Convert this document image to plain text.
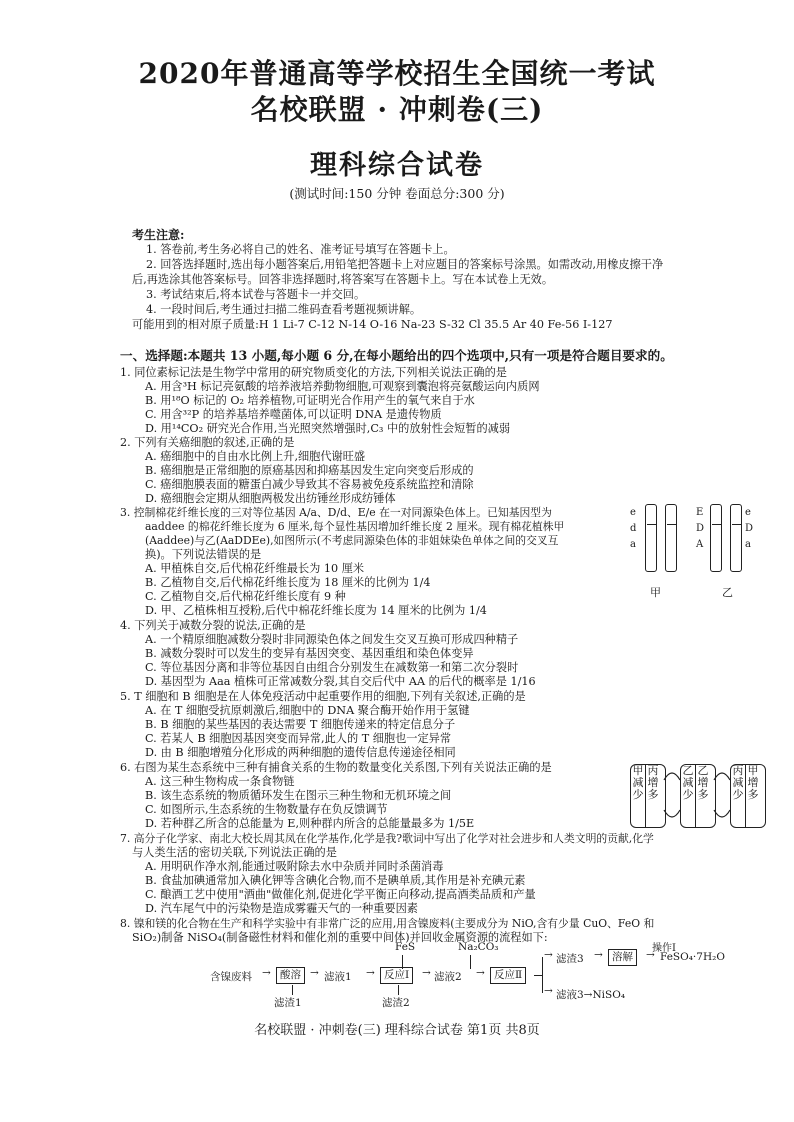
2020年普通高等学校招生全国统一考试
名校联盟 · 冲刺卷(三)
理科综合试卷
(测试时间:150 分钟 卷面总分:300 分)
考生注意:
1. 答卷前,考生务必将自己的姓名、准考证号填写在答题卡上。
2. 回答选择题时,选出每小题答案后,用铅笔把答题卡上对应题目的答案标号涂黑。如需改动,用橡皮擦干净
后,再选涂其他答案标号。回答非选择题时,将答案写在答题卡上。写在本试卷上无效。
3. 考试结束后,将本试卷与答题卡一并交回。
4. 一段时间后,考生通过扫描二维码查看考题视频讲解。
可能用到的相对原子质量:H 1 Li-7 C-12 N-14 O-16 Na-23 S-32 Cl 35.5 Ar 40 Fe-56 I-127
一、选择题:本题共 13 小题,每小题 6 分,在每小题给出的四个选项中,只有一项是符合题目要求的。
1. 同位素标记法是生物学中常用的研究物质变化的方法,下列相关说法正确的是
A. 用含³H 标记亮氨酸的培养液培养動物细胞,可观察到囊泡将亮氨酸运向内质网
B. 用¹⁸O 标记的 O₂ 培养植物,可证明光合作用产生的氧气来自于水
C. 用含³²P 的培养基培养噬菌体,可以证明 DNA 是遗传物质
D. 用¹⁴CO₂ 研究光合作用,当光照突然增强时,C₃ 中的放射性会短暂的减弱
2. 下列有关癌细胞的叙述,正确的是
A. 癌细胞中的自由水比例上升,细胞代谢旺盛
B. 癌细胞是正常细胞的原癌基因和抑癌基因发生定向突变后形成的
C. 癌细胞膜表面的糖蛋白减少导致其不容易被免疫系统监控和清除
D. 癌细胞会定期从细胞两极发出纺锤丝形成纺锤体
3. 控制棉花纤维长度的三对等位基因 A/a、D/d、E/e 在一对同源染色体上。已知基因型为
aaddee 的棉花纤维长度为 6 厘米,每个显性基因增加纤维长度 2 厘米。现有棉花植株甲
(Aaddee)与乙(AaDDEe),如图所示(不考虑同源染色体的非姐妹染色单体之间的交叉互
换)。下列说法错误的是
A. 甲植株自交,后代棉花纤维最长为 10 厘米
B. 乙植物自交,后代棉花纤维长度为 18 厘米的比例为 1/4
C. 乙植物自交,后代棉花纤维长度有 9 种
D. 甲、乙植株相互授粉,后代中棉花纤维长度为 14 厘米的比例为 1/4
e
d
a
甲
E
D
A
e
D
a
乙
4. 下列关于减数分裂的说法,正确的是
A. 一个精原细胞减数分裂时非同源染色体之间发生交叉互换可形成四种精子
B. 减数分裂时可以发生的变异有基因突变、基因重组和染色体变异
C. 等位基因分离和非等位基因自由组合分别发生在减数第一和第二次分裂时
D. 基因型为 Aaa 植株可正常减数分裂,其自交后代中 AA 的后代的概率是 1/16
5. T 细胞和 B 细胞是在人体免疫活动中起重要作用的细胞,下列有关叙述,正确的是
A. 在 T 细胞受抗原刺激后,细胞中的 DNA 聚合酶开始作用于氢键
B. B 细胞的某些基因的表达需要 T 细胞传递来的特定信息分子
C. 若某人 B 细胞因基因突变而异常,此人的 T 细胞也一定异常
D. 由 B 细胞增殖分化形成的两种细胞的遗传信息传递途径相同
6. 右图为某生态系统中三种有捕食关系的生物的数量变化关系图,下列有关说法正确的是
A. 这三种生物构成一条食物链
B. 该生态系统的物质循环发生在图示三种生物和无机环境之间
C. 如图所示,生态系统的生物数量存在负反馈调节
D. 若种群乙所含的总能量为 E,则种群内所含的总能量最多为 1/5E
甲减少
丙增多
乙减少
乙增多
丙减少
甲增多
7. 高分子化学家、南北大校长周其凤在化学基作,化学是我?歌词中写出了化学对社会进步和人类文明的贡献,化学
与人类生活的密切关联,下列说法正确的是
A. 用明矾作净水剂,能通过吸附除去水中杂质并同时杀菌消毒
B. 食盐加碘通常加入碘化钾等含碘化合物,而不是碘单质,其作用是补充碘元素
C. 酿酒工艺中使用"酒曲"做催化剂,促进化学平衡正向移动,提高酒类品质和产量
D. 汽车尾气中的污染物是造成雾霾天气的一种重要因素
8. 镍和镁的化合物在生产和科学实验中有非常广泛的应用,用含镍废料(主要成分为 NiO,含有少量 CuO、FeO 和
SiO₂)制备 NiSO₄(制备磁性材料和催化剂的重要中间体)并回收金属资源的流程如下:
FeS	Na₂CO₃
含镍废料 → 酸溶 → 滤液1 → 反应Ⅰ	→ 滤液2 → 反应Ⅱ
→ 滤渣3 → 溶解
操作Ⅰ
→ FeSO₄·7H₂O
→ 滤液3→NiSO₄
滤渣1	滤渣2
名校联盟 · 冲刺卷(三) 理科综合试卷 第1页 共8页
